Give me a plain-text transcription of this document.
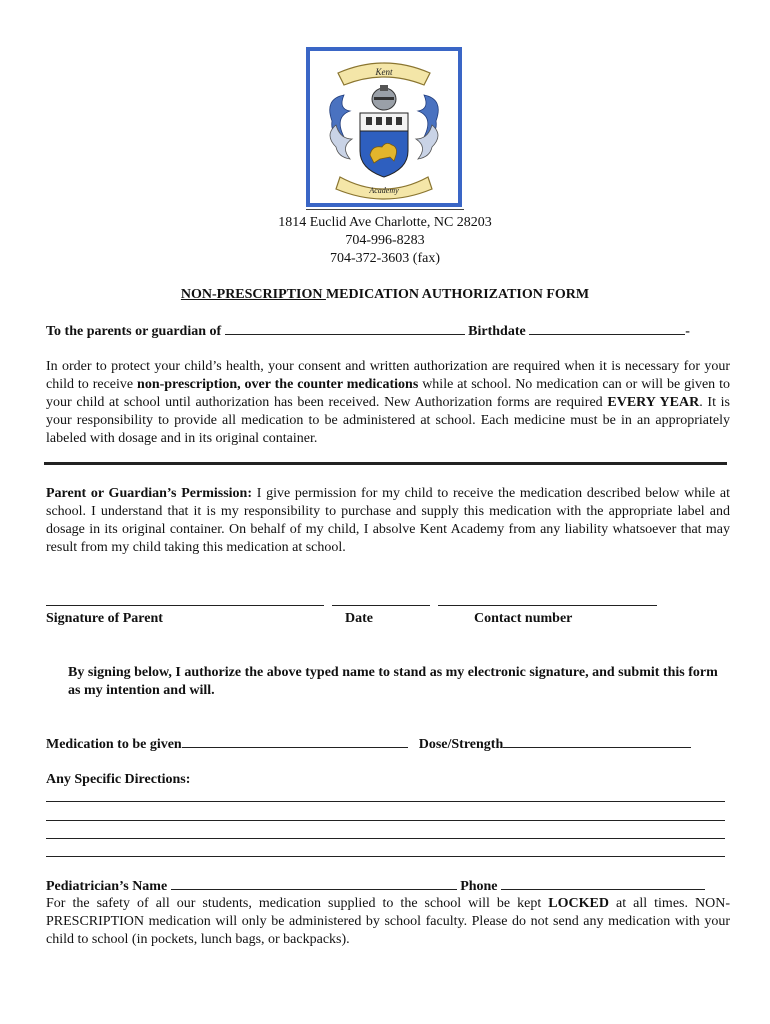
Kent
Academy
1814 Euclid Ave Charlotte, NC 28203
704-996-8283
704-372-3603 (fax)
NON-PRESCRIPTION MEDICATION AUTHORIZATION FORM
To the parents or guardian of	Birthdate	-
In order to protect your child’s health, your consent and written authorization are required when it is necessary for your child to receive non-prescription, over the counter medications while at school. No medication can or will be given to your child at school until authorization has been received. New Authorization forms are required EVERY YEAR. It is your responsibility to provide all medication to be administered at school. Each medicine must be in an appropriately labeled with dosage and in its original container.
Parent or Guardian’s Permission: I give permission for my child to receive the medication described below while at school. I understand that it is my responsibility to purchase and supply this medication with the appropriate label and dosage in its original container. On behalf of my child, I absolve Kent Academy from any liability whatsoever that may result from my child taking this medication at school.
Signature of Parent	Date	Contact number
By signing below, I authorize the above typed name to stand as my electronic signature, and submit this form as my intention and will.
Medication to be given	Dose/Strength
Any Specific Directions:
Pediatrician’s Name	Phone
For the safety of all our students, medication supplied to the school will be kept LOCKED at all times. NON-PRESCRIPTION medication will only be administered by school faculty. Please do not send any medication with your child to school (in pockets, lunch bags, or backpacks).
